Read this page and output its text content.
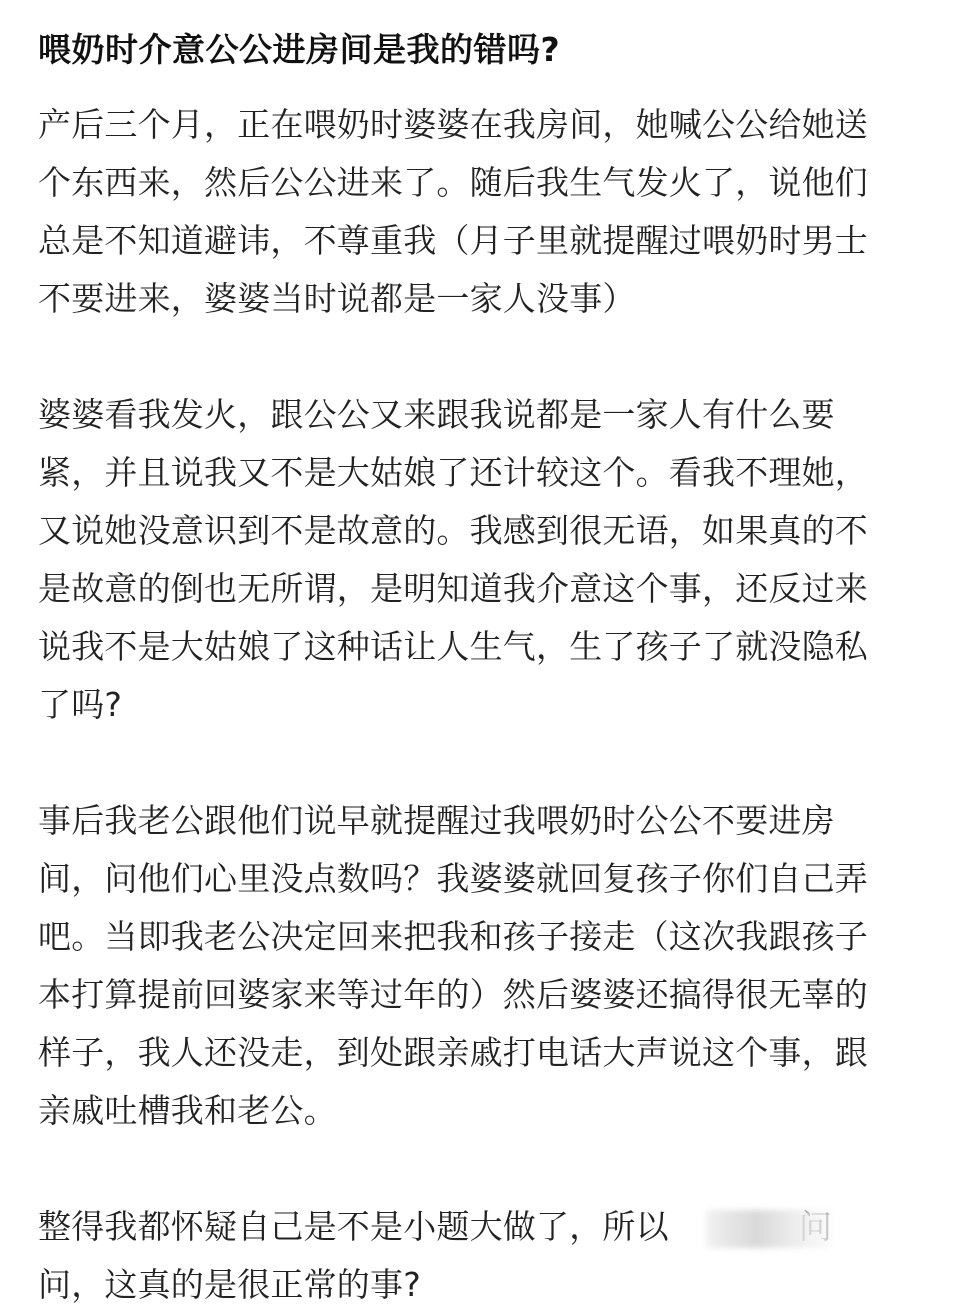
喂奶时介意公公进房间是我的错吗?
产后三个月，正在喂奶时婆婆在我房间，她喊公公给她送
个东西来，然后公公进来了。随后我生气发火了，说他们
总是不知道避讳，不尊重我（月子里就提醒过喂奶时男士
不要进来，婆婆当时说都是一家人没事）
婆婆看我发火，跟公公又来跟我说都是一家人有什么要
紧，并且说我又不是大姑娘了还计较这个。看我不理她，
又说她没意识到不是故意的。我感到很无语，如果真的不
是故意的倒也无所谓，是明知道我介意这个事，还反过来
说我不是大姑娘了这种话让人生气，生了孩子了就没隐私
了吗?
事后我老公跟他们说早就提醒过我喂奶时公公不要进房
间，问他们心里没点数吗？我婆婆就回复孩子你们自己弄
吧。当即我老公决定回来把我和孩子接走（这次我跟孩子
本打算提前回婆家来等过年的）然后婆婆还搞得很无辜的
样子，我人还没走，到处跟亲戚打电话大声说这个事，跟
亲戚吐槽我和老公。
整得我都怀疑自己是不是小题大做了，所以
问，这真的是很正常的事?
